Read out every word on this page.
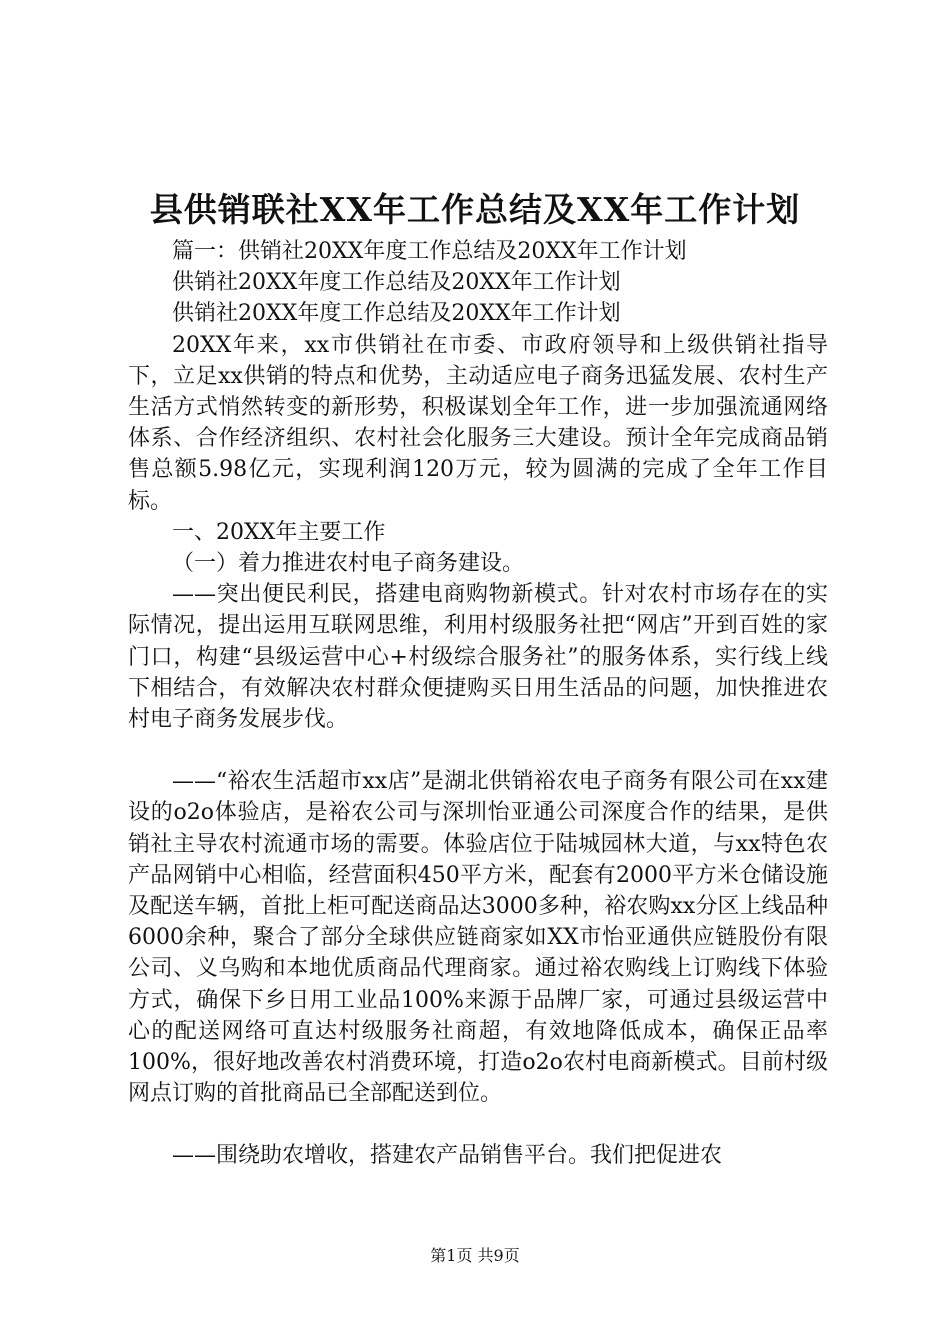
县供销联社XX年工作总结及XX年工作计划

篇一：供销社20XX年度工作总结及20XX年工作计划

供销社20XX年度工作总结及20XX年工作计划

供销社20XX年度工作总结及20XX年工作计划

20XX年来，xx市供销社在市委、市政府领导和上级供销社指导下，立足xx供销的特点和优势，主动适应电子商务迅猛发展、农村生产生活方式悄然转变的新形势，积极谋划全年工作，进一步加强流通网络体系、合作经济组织、农村社会化服务三大建设。预计全年完成商品销售总额5.98亿元，实现利润120万元，较为圆满的完成了全年工作目标。

一、20XX年主要工作

（一）着力推进农村电子商务建设。

——突出便民利民，搭建电商购物新模式。针对农村市场存在的实际情况，提出运用互联网思维，利用村级服务社把“网店”开到百姓的家门口，构建“县级运营中心+村级综合服务社”的服务体系，实行线上线下相结合，有效解决农村群众便捷购买日用生活品的问题，加快推进农村电子商务发展步伐。

——“裕农生活超市xx店”是湖北供销裕农电子商务有限公司在xx建设的o2o体验店，是裕农公司与深圳怡亚通公司深度合作的结果，是供销社主导农村流通市场的需要。体验店位于陆城园林大道，与xx特色农产品网销中心相临，经营面积450平方米，配套有2000平方米仓储设施及配送车辆，首批上柜可配送商品达3000多种，裕农购xx分区上线品种6000余种，聚合了部分全球供应链商家如XX市怡亚通供应链股份有限公司、义乌购和本地优质商品代理商家。通过裕农购线上订购线下体验方式，确保下乡日用工业品100%来源于品牌厂家，可通过县级运营中心的配送网络可直达村级服务社商超，有效地降低成本，确保正品率100%，很好地改善农村消费环境，打造o2o农村电商新模式。目前村级网点订购的首批商品已全部配送到位。

——围绕助农增收，搭建农产品销售平台。我们把促进农

第1页 共9页
